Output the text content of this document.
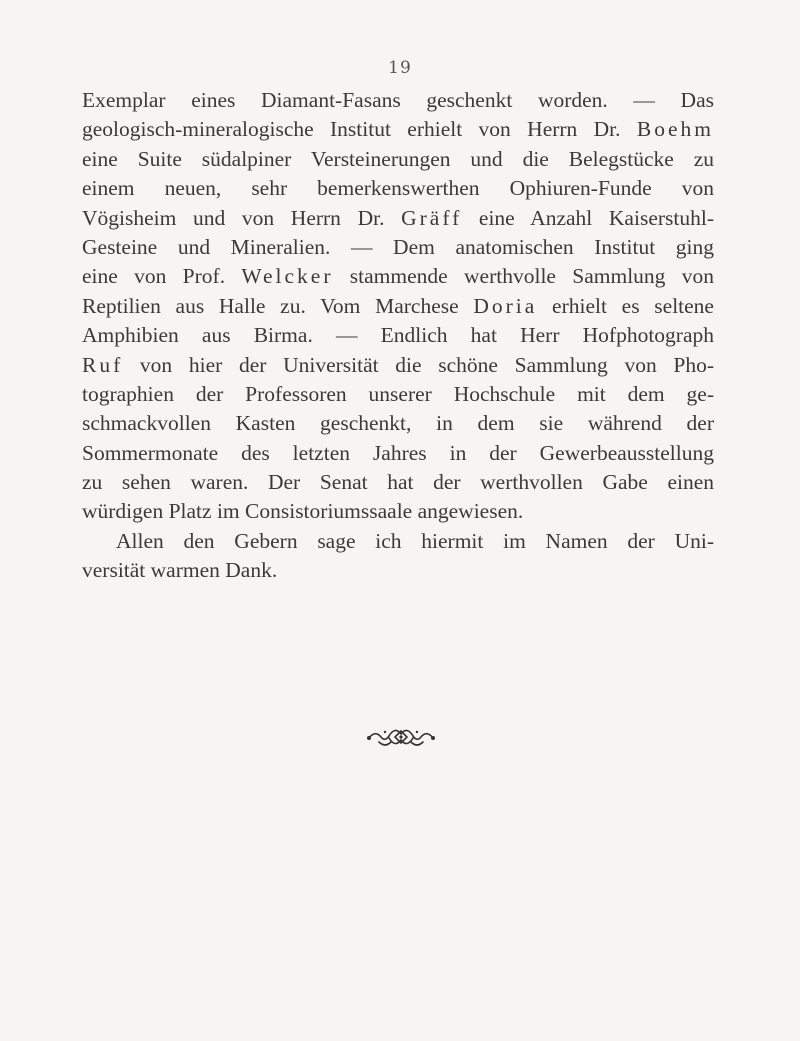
19
Exemplar eines Diamant-Fasans geschenkt worden. — Das
geologisch-mineralogische Institut erhielt von Herrn Dr. Boehm
eine Suite südalpiner Versteinerungen und die Belegstücke zu
einem neuen, sehr bemerkenswerthen Ophiuren-Funde von
Vögisheim und von Herrn Dr. Gräff eine Anzahl Kaiserstuhl-
Gesteine und Mineralien. — Dem anatomischen Institut ging
eine von Prof. Welcker stammende werthvolle Sammlung von
Reptilien aus Halle zu. Vom Marchese Doria erhielt es seltene
Amphibien aus Birma. — Endlich hat Herr Hofphotograph
Ruf von hier der Universität die schöne Sammlung von Pho-
tographien der Professoren unserer Hochschule mit dem ge-
schmackvollen Kasten geschenkt, in dem sie während der
Sommermonate des letzten Jahres in der Gewerbeausstellung
zu sehen waren. Der Senat hat der werthvollen Gabe einen
würdigen Platz im Consistoriumssaale angewiesen.
Allen den Gebern sage ich hiermit im Namen der Uni-
versität warmen Dank.
